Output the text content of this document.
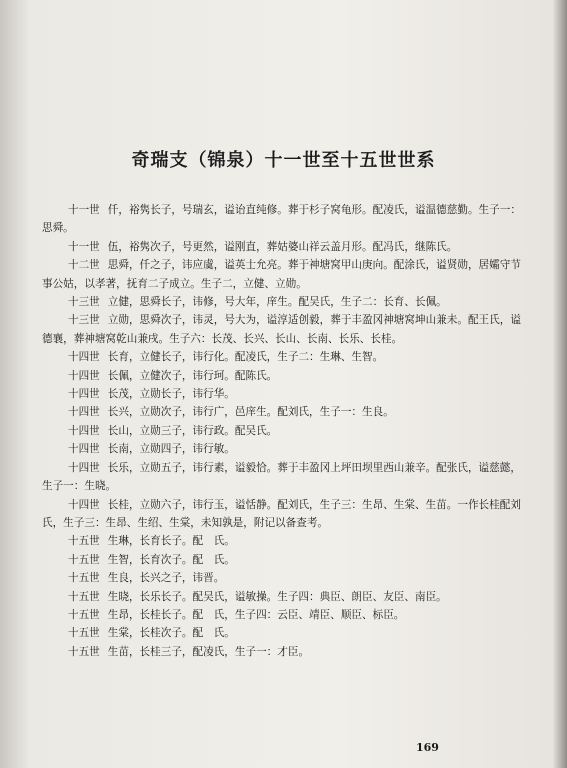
奇瑞支（锦泉）十一世至十五世世系

十一世 仟，裕隽长子，号瑞玄，谥诒直纯修。葬于杉子窝龟形。配凌氏，谥温德慈勤。生子一：思舜。

十一世 伍，裕隽次子，号更然，谥刚直，葬姑婆山祥云盖月形。配冯氏，继陈氏。

十二世 思舜，仟之子，讳应虞，谥英士允亮。葬于神塘窝甲山庚向。配涂氏，谥贤勋，居孀守节事公姑，以孝著，抚育二子成立。生子二，立健、立勋。

十三世 立健，思舜长子，讳修，号大年，庠生。配吴氏，生子二：长育、长佩。

十三世 立勋，思舜次子，讳灵，号大为，谥淳适创毅，葬于丰盈冈神塘窝坤山兼未。配王氏，谥德襄，葬神塘窝乾山兼戌。生子六：长茂、长兴、长山、长南、长乐、长桂。

十四世 长育，立健长子，讳行化。配凌氏，生子二：生琳、生智。

十四世 长佩，立健次子，讳行珂。配陈氏。

十四世 长茂，立勋长子，讳行华。

十四世 长兴，立勋次子，讳行广，邑庠生。配刘氏，生子一：生良。

十四世 长山，立勋三子，讳行政。配吴氏。

十四世 长南，立勋四子，讳行敏。

十四世 长乐，立勋五子，讳行素，谥毅恰。葬于丰盈冈上坪田坝里西山兼辛。配张氏，谥慈懿，生子一：生晓。

十四世 长桂，立勋六子，讳行玉，谥恬静。配刘氏，生子三：生昂、生棠、生苗。一作长桂配刘氏，生子三：生昂、生绍、生棠，未知孰是，附记以备查考。

十五世 生琳，长育长子。配　氏。

十五世 生智，长育次子。配　氏。

十五世 生良，长兴之子，讳晋。

十五世 生晓，长乐长子。配吴氏，谥敏操。生子四：典臣、朗臣、友臣、南臣。

十五世 生昂，长桂长子。配　氏，生子四：云臣、靖臣、顺臣、标臣。

十五世 生棠，长桂次子。配　氏。

十五世 生苗，长桂三子，配凌氏，生子一：才臣。

169
